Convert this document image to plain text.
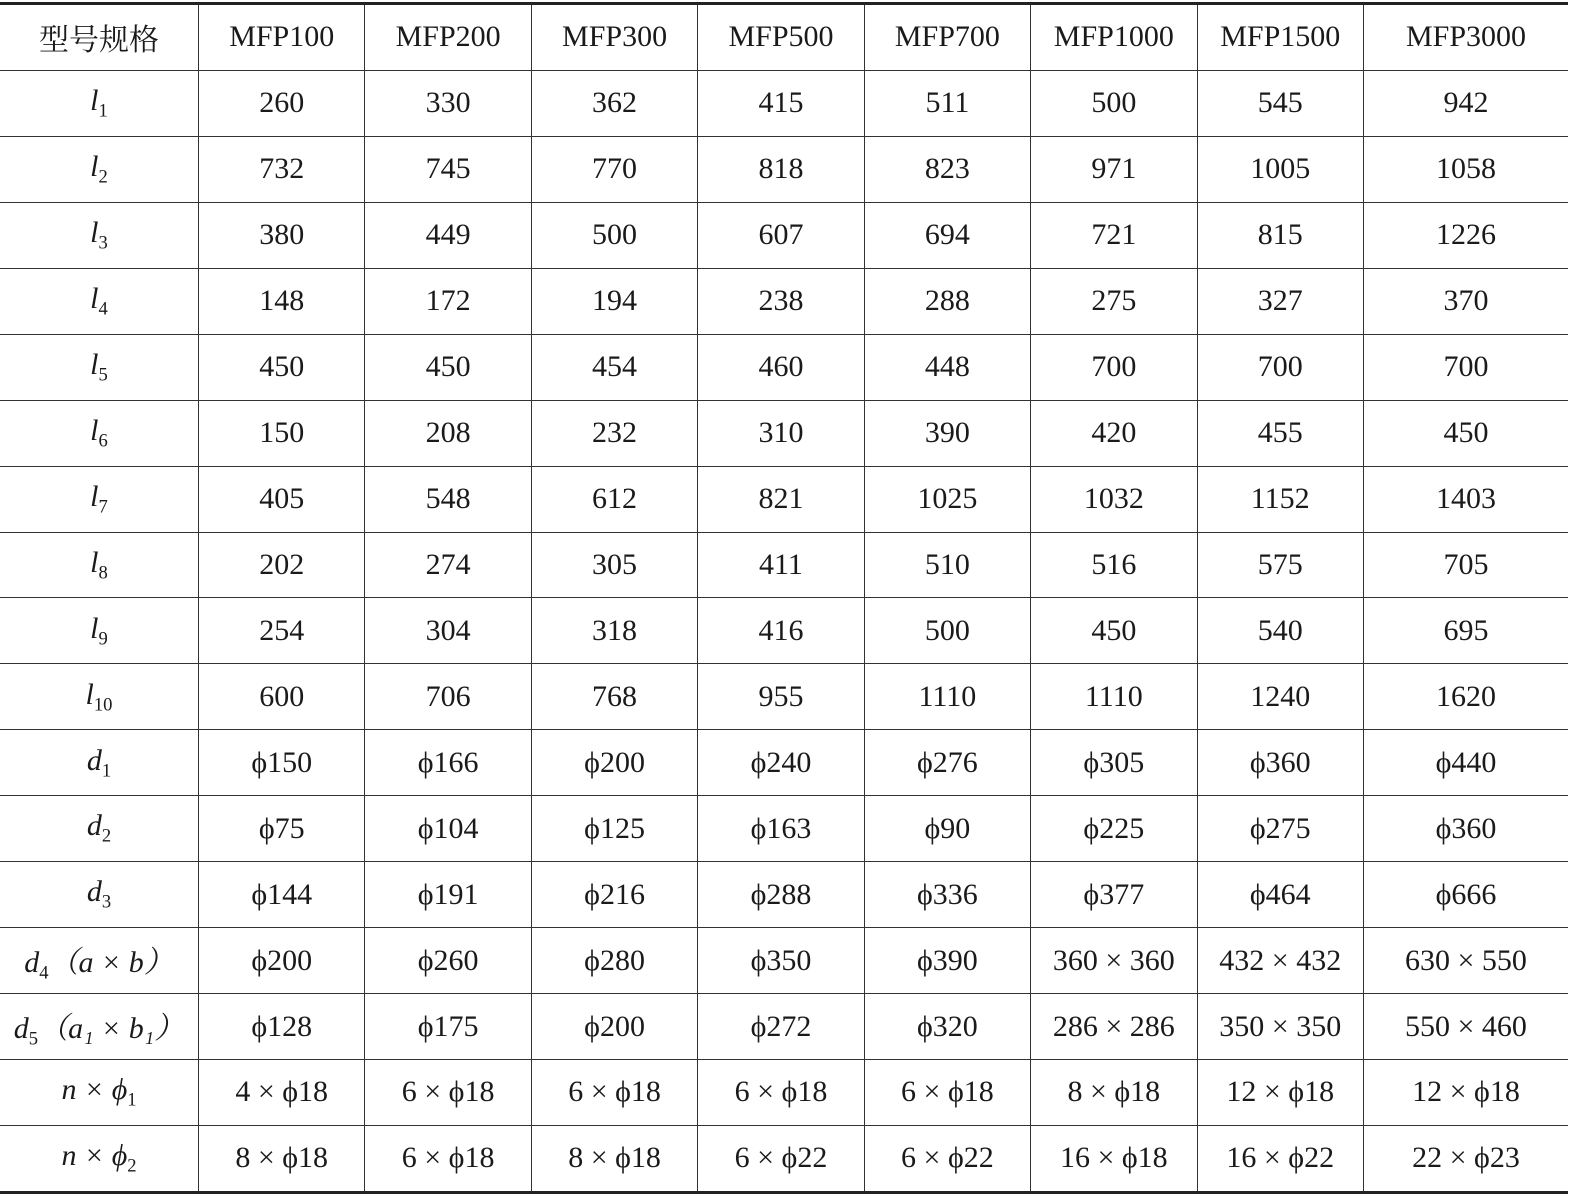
型号规格	MFP100	MFP200	MFP300	MFP500	MFP700	MFP1000	MFP1500	MFP3000
$l_1$	260	330	362	415	511	500	545	942
$l_2$	732	745	770	818	823	971	1005	1058
$l_3$	380	449	500	607	694	721	815	1226
$l_4$	148	172	194	238	288	275	327	370
$l_5$	450	450	454	460	448	700	700	700
$l_6$	150	208	232	310	390	420	455	450
$l_7$	405	548	612	821	1025	1032	1152	1403
$l_8$	202	274	305	411	510	516	575	705
$l_9$	254	304	318	416	500	450	540	695
$l_{10}$	600	706	768	955	1110	1110	1240	1620
$d_1$	ϕ150	ϕ166	ϕ200	ϕ240	ϕ276	ϕ305	ϕ360	ϕ440
$d_2$	ϕ75	ϕ104	ϕ125	ϕ163	ϕ90	ϕ225	ϕ275	ϕ360
$d_3$	ϕ144	ϕ191	ϕ216	ϕ288	ϕ336	ϕ377	ϕ464	ϕ666
$d_4(a \times b)$	ϕ200	ϕ260	ϕ280	ϕ350	ϕ390	360 × 360	432 × 432	630 × 550
$d_5(a_1 \times b_1)$	ϕ128	ϕ175	ϕ200	ϕ272	ϕ320	286 × 286	350 × 350	550 × 460
$n \times \phi_1$	4 × ϕ18	6 × ϕ18	6 × ϕ18	6 × ϕ18	6 × ϕ18	8 × ϕ18	12 × ϕ18	12 × ϕ18
$n \times \phi_2$	8 × ϕ18	6 × ϕ18	8 × ϕ18	6 × ϕ22	6 × ϕ22	16 × ϕ18	16 × ϕ22	22 × ϕ23
